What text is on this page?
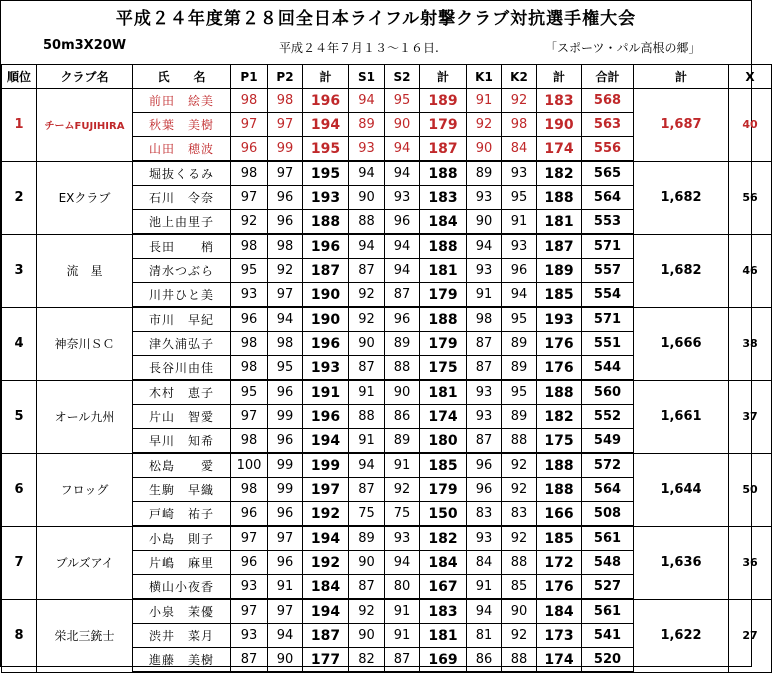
平成２４年度第２８回全日本ライフル射撃クラブ対抗選手権大会
50m3X20W	平成２４年７月１３～１６日.	「スポーツ・パル高根の郷」
順位	クラブ名	氏　　名	P1	P2	計	S1	S2	計	K1	K2	計	合計	計	X
1	チームFUJIHIRA	前田　絵美	98	98	196	94	95	189	91	92	183	568	1,687	40
		秋葉　美樹	97	97	194	89	90	179	92	98	190	563		
		山田　穂波	96	99	195	93	94	187	90	84	174	556		
2	EXクラブ	堀抜くるみ	98	97	195	94	94	188	89	93	182	565	1,682	56
		石川　令奈	97	96	193	90	93	183	93	95	188	564		
		池上由里子	92	96	188	88	96	184	90	91	181	553		
3	流　星	長田　　梢	98	98	196	94	94	188	94	93	187	571	1,682	46
		清水つぶら	95	92	187	87	94	181	93	96	189	557		
		川井ひと美	93	97	190	92	87	179	91	94	185	554		
4	神奈川ＳＣ	市川　早紀	96	94	190	92	96	188	98	95	193	571	1,666	38
		津久浦弘子	98	98	196	90	89	179	87	89	176	551		
		長谷川由佳	98	95	193	87	88	175	87	89	176	544		
5	オール九州	木村　恵子	95	96	191	91	90	181	93	95	188	560	1,661	37
		片山　智愛	97	99	196	88	86	174	93	89	182	552		
		早川　知希	98	96	194	91	89	180	87	88	175	549		
6	フロッグ	松島　　愛	100	99	199	94	91	185	96	92	188	572	1,644	50
		生駒　早織	98	99	197	87	92	179	96	92	188	564		
		戸崎　祐子	96	96	192	75	75	150	83	83	166	508		
7	ブルズアイ	小島　則子	97	97	194	89	93	182	93	92	185	561	1,636	36
		片嶋　麻里	96	96	192	90	94	184	84	88	172	548		
		横山小夜香	93	91	184	87	80	167	91	85	176	527		
8	栄北三銃士	小泉　茉優	97	97	194	92	91	183	94	90	184	561	1,622	27
		渋井　菜月	93	94	187	90	91	181	81	92	173	541		
		進藤　美樹	87	90	177	82	87	169	86	88	174	520		
